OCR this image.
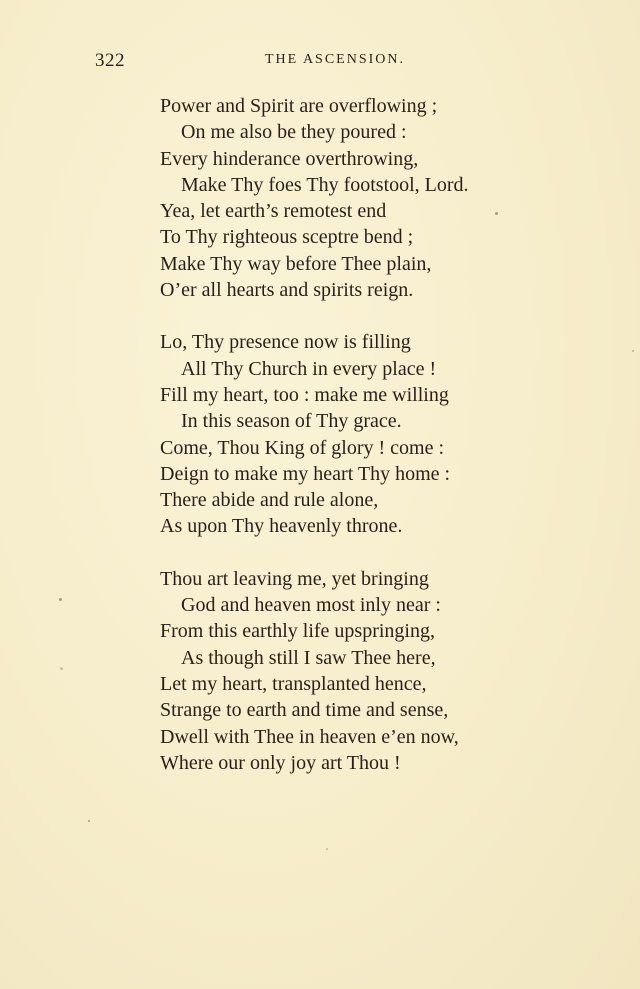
322	THE ASCENSION.
Power and Spirit are overflowing ;
On me also be they poured :
Every hinderance overthrowing,
Make Thy foes Thy footstool, Lord.
Yea, let earth’s remotest end
To Thy righteous sceptre bend ;
Make Thy way before Thee plain,
O’er all hearts and spirits reign.
Lo, Thy presence now is filling
All Thy Church in every place !
Fill my heart, too : make me willing
In this season of Thy grace.
Come, Thou King of glory ! come :
Deign to make my heart Thy home :
There abide and rule alone,
As upon Thy heavenly throne.
Thou art leaving me, yet bringing
God and heaven most inly near :
From this earthly life upspringing,
As though still I saw Thee here,
Let my heart, transplanted hence,
Strange to earth and time and sense,
Dwell with Thee in heaven e’en now,
Where our only joy art Thou !
